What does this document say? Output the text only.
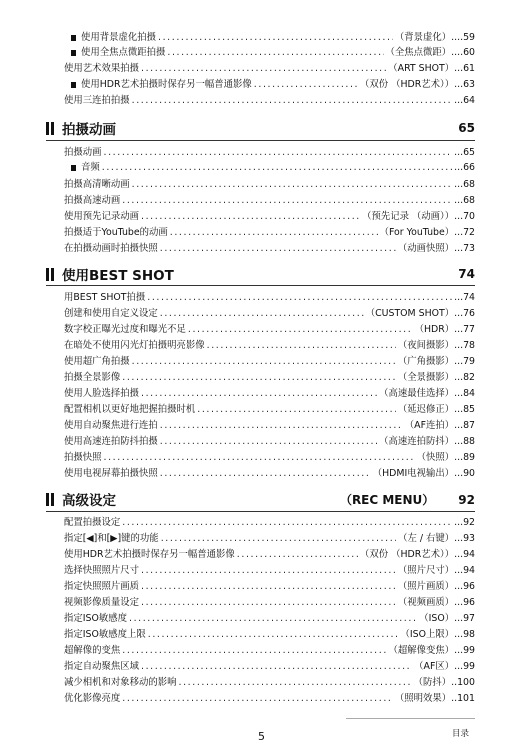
使用背景虚化拍摄 .....	（背景虚化） ....59
使用全焦点微距拍摄 .....	（全焦点微距） ....60
使用艺术效果拍摄 .....	（ART SHOT） ...61
使用HDR艺术拍摄时保存另一幅普通影像 .....	（双份 （HDR艺术）） ...63
使用三连拍拍摄 .....	...64
拍摄动画	65
拍摄动画 .....	...65
音频 .....	...66
拍摄高清晰动画 .....	...68
拍摄高速动画 .....	...68
使用预先记录动画 .....	（预先记录 （动画）） ...70
拍摄适于YouTube的动画 .....	（For YouTube） ...72
在拍摄动画时拍摄快照 .....	（动画快照） ...73
使用BEST SHOT	74
用BEST SHOT拍摄 .....	...74
创建和使用自定义设定 .....	（CUSTOM SHOT） ...76
数字校正曝光过度和曝光不足 .....	（HDR） ...77
在暗处不使用闪光灯拍摄明亮影像 .....	（夜间摄影） ...78
使用超广角拍摄 .....	（广角摄影） ...79
拍摄全景影像 .....	（全景摄影） ...82
使用人脸选择拍摄 .....	（高速最佳选择） ...84
配置相机以更好地把握拍摄时机 .....	（延迟修正） ...85
使用自动聚焦进行连拍 .....	（AF连拍） ...87
使用高速连拍防抖拍摄 .....	（高速连拍防抖） ...88
拍摄快照 .....	（快照） ...89
使用电视屏幕拍摄快照 .....	（HDMI电视输出） ...90
高级设定	（REC MENU） 92
配置拍摄设定 .....	...92
指定[◀]和[▶]键的功能 .....	（左 / 右键） ...93
使用HDR艺术拍摄时保存另一幅普通影像 .....	（双份 （HDR艺术）） ...94
选择快照照片尺寸 .....	（照片尺寸） ...94
指定快照照片画质 .....	（照片画质） ...96
视频影像质量设定 .....	（视频画质） ...96
指定ISO敏感度 .....	（ISO） ...97
指定ISO敏感度上限 .....	（ISO上限） ...98
超解像的变焦 .....	（超解像变焦） ...99
指定自动聚焦区域 .....	（AF区） ...99
减少相机和对象移动的影响 .....	（防抖） ..100
优化影像亮度 .....	（照明效果） ..101
5	目录
